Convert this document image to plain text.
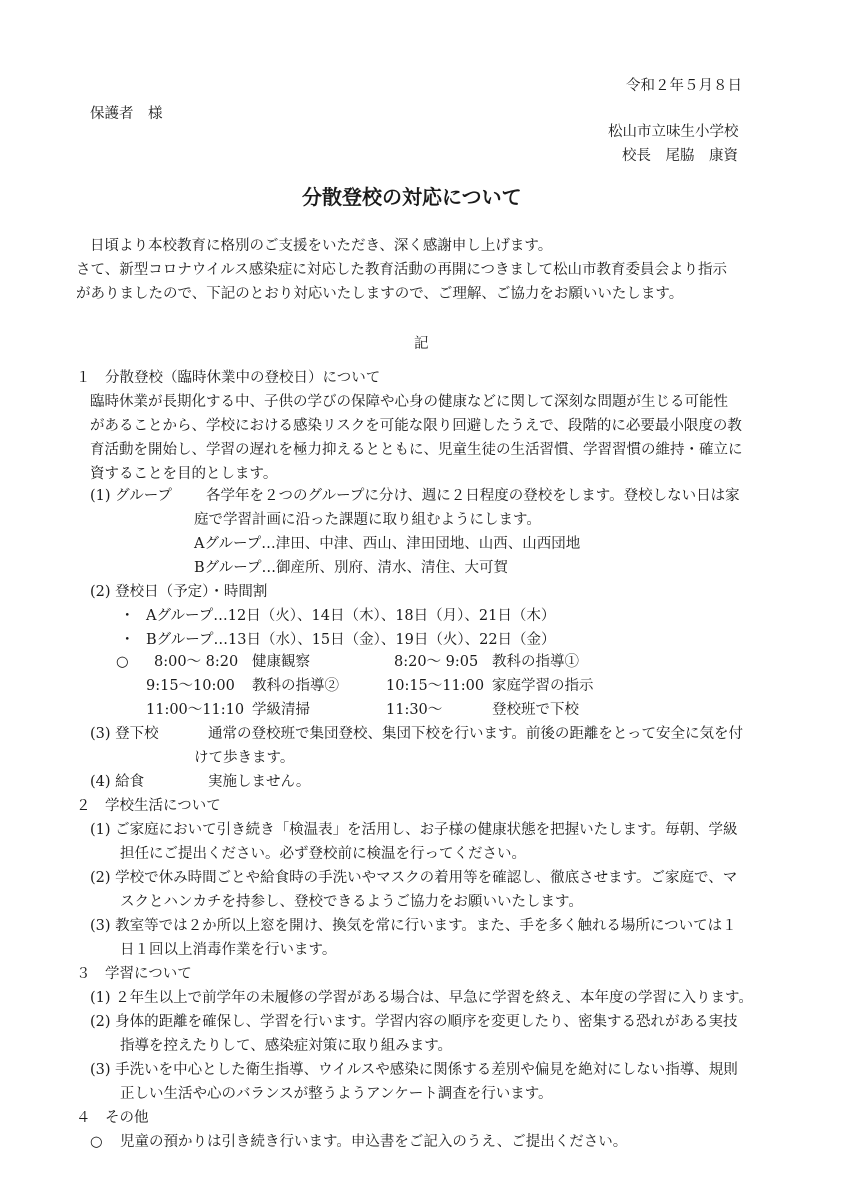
令和２年５月８日
保護者　様
松山市立味生小学校
校長　尾脇　康資
分散登校の対応について
日頃より本校教育に格別のご支援をいただき、深く感謝申し上げます。
さて、新型コロナウイルス感染症に対応した教育活動の再開につきまして松山市教育委員会より指示
がありましたので、下記のとおり対応いたしますので、ご理解、ご協力をお願いいたします。
記
１　分散登校（臨時休業中の登校日）について
臨時休業が長期化する中、子供の学びの保障や心身の健康などに関して深刻な問題が生じる可能性
があることから、学校における感染リスクを可能な限り回避したうえで、段階的に必要最小限度の教
育活動を開始し、学習の遅れを極力抑えるとともに、児童生徒の生活習慣、学習習慣の維持・確立に
資することを目的とします。
(1) グループ 各学年を２つのグループに分け、週に２日程度の登校をします。登校しない日は家
庭で学習計画に沿った課題に取り組むようにします。
Aグループ…津田、中津、西山、津田団地、山西、山西団地
Bグループ…御産所、別府、清水、清住、大可賀
(2) 登校日（予定）・時間割
・ Aグループ…12日（火）、14日（木）、18日（月）、21日（木）
・ Bグループ…13日（水）、15日（金）、19日（火）、22日（金）
○ 8:00～ 8:20 健康観察	8:20～ 9:05 教科の指導①
9:15～10:00 教科の指導②	10:15～11:00 家庭学習の指示
11:00～11:10 学級清掃	11:30～	登校班で下校
(3) 登下校	通常の登校班で集団登校、集団下校を行います。前後の距離をとって安全に気を付
けて歩きます。
(4) 給食	実施しません。
２　学校生活について
(1) ご家庭において引き続き「検温表」を活用し、お子様の健康状態を把握いたします。毎朝、学級
担任にご提出ください。必ず登校前に検温を行ってください。
(2) 学校で休み時間ごとや給食時の手洗いやマスクの着用等を確認し、徹底させます。ご家庭で、マ
スクとハンカチを持参し、登校できるようご協力をお願いいたします。
(3) 教室等では２か所以上窓を開け、換気を常に行います。また、手を多く触れる場所については１
日１回以上消毒作業を行います。
３　学習について
(1) ２年生以上で前学年の未履修の学習がある場合は、早急に学習を終え、本年度の学習に入ります。
(2) 身体的距離を確保し、学習を行います。学習内容の順序を変更したり、密集する恐れがある実技
指導を控えたりして、感染症対策に取り組みます。
(3) 手洗いを中心とした衛生指導、ウイルスや感染に関係する差別や偏見を絶対にしない指導、規則
正しい生活や心のバランスが整うようアンケート調査を行います。
４　その他
○ 児童の預かりは引き続き行います。申込書をご記入のうえ、ご提出ください。
